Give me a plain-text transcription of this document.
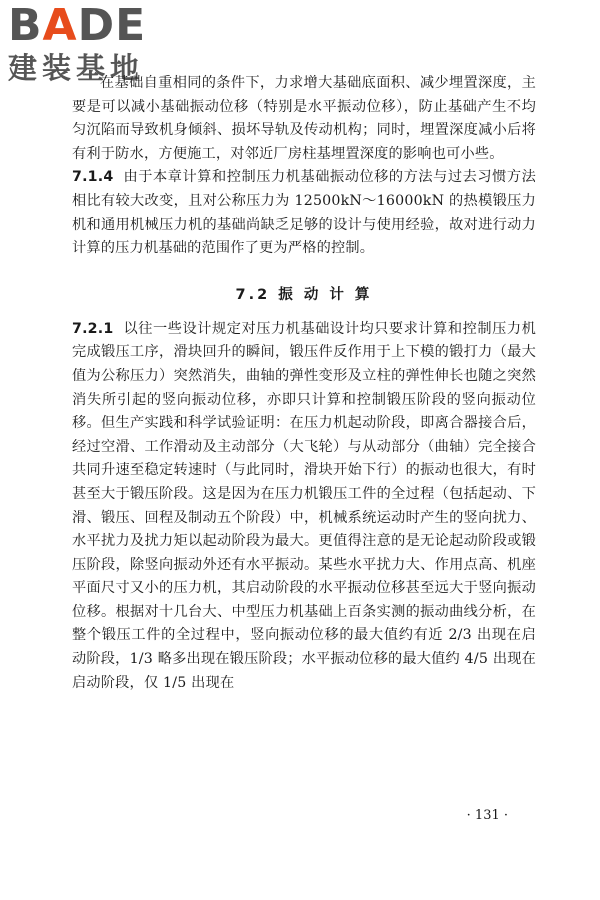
BADE
建装基地

在基础自重相同的条件下，力求增大基础底面积、减少埋置深度，主要是可以减小基础振动位移（特别是水平振动位移），防止基础产生不均匀沉陷而导致机身倾斜、损坏导轨及传动机构；同时，埋置深度减小后将有利于防水，方便施工，对邻近厂房柱基埋置深度的影响也可小些。

7.1.4 由于本章计算和控制压力机基础振动位移的方法与过去习惯方法相比有较大改变，且对公称压力为 12500kN～16000kN 的热模锻压力机和通用机械压力机的基础尚缺乏足够的设计与使用经验，故对进行动力计算的压力机基础的范围作了更为严格的控制。

7.2 振 动 计 算

7.2.1 以往一些设计规定对压力机基础设计均只要求计算和控制压力机完成锻压工序，滑块回升的瞬间，锻压件反作用于上下模的锻打力（最大值为公称压力）突然消失，曲轴的弹性变形及立柱的弹性伸长也随之突然消失所引起的竖向振动位移，亦即只计算和控制锻压阶段的竖向振动位移。但生产实践和科学试验证明：在压力机起动阶段，即离合器接合后，经过空滑、工作滑动及主动部分（大飞轮）与从动部分（曲轴）完全接合共同升速至稳定转速时（与此同时，滑块开始下行）的振动也很大，有时甚至大于锻压阶段。这是因为在压力机锻压工件的全过程（包括起动、下滑、锻压、回程及制动五个阶段）中，机械系统运动时产生的竖向扰力、水平扰力及扰力矩以起动阶段为最大。更值得注意的是无论起动阶段或锻压阶段，除竖向振动外还有水平振动。某些水平扰力大、作用点高、机座平面尺寸又小的压力机，其启动阶段的水平振动位移甚至远大于竖向振动位移。根据对十几台大、中型压力机基础上百条实测的振动曲线分析，在整个锻压工件的全过程中，竖向振动位移的最大值约有近 2/3 出现在启动阶段，1/3 略多出现在锻压阶段；水平振动位移的最大值约 4/5 出现在启动阶段，仅 1/5 出现在

· 131 ·
